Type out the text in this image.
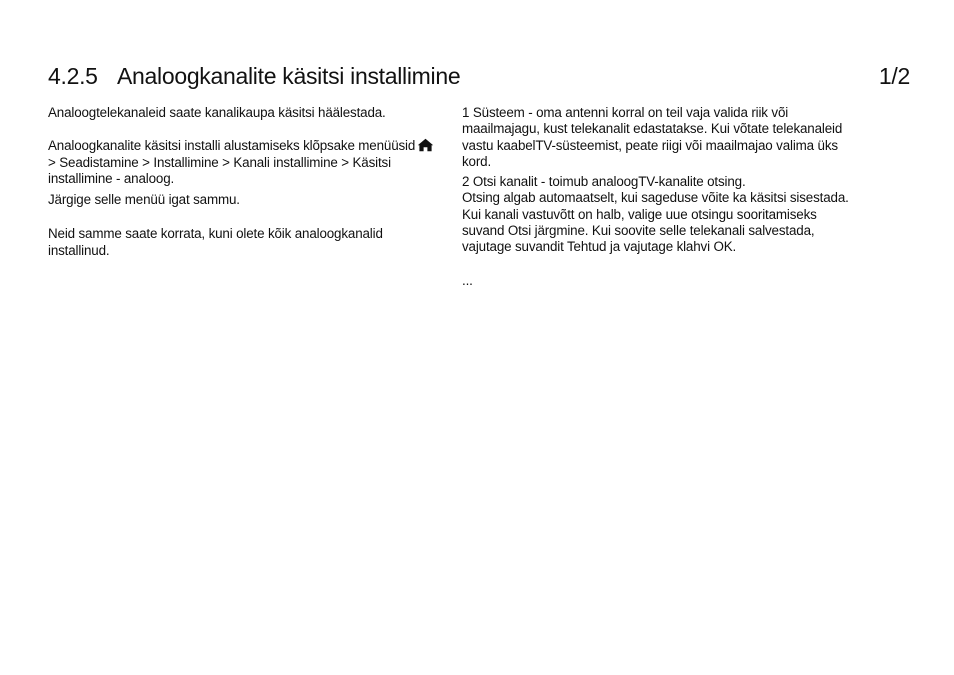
4.2.5 Analoogkanalite käsitsi installimine	1/2

Analoogtelekanaleid saate kanalikaupa käsitsi häälestada.

Analoogkanalite käsitsi installi alustamiseks klõpsake menüüsid
> Seadistamine > Installimine > Kanali installimine > Käsitsi installimine - analoog.

Järgige selle menüü igat sammu.

Neid samme saate korrata, kuni olete kõik analoogkanalid installinud.

1 Süsteem - oma antenni korral on teil vaja valida riik või maailmajagu, kust telekanalit edastatakse. Kui võtate telekanaleid vastu kaabelTV-süsteemist, peate riigi või maailmajao valima üks kord.

2 Otsi kanalit - toimub analoogTV-kanalite otsing.

Otsing algab automaatselt, kui sageduse võite ka käsitsi sisestada. Kui kanali vastuvõtt on halb, valige uue otsingu sooritamiseks suvand Otsi järgmine. Kui soovite selle telekanali salvestada, vajutage suvandit Tehtud ja vajutage klahvi OK.

...
